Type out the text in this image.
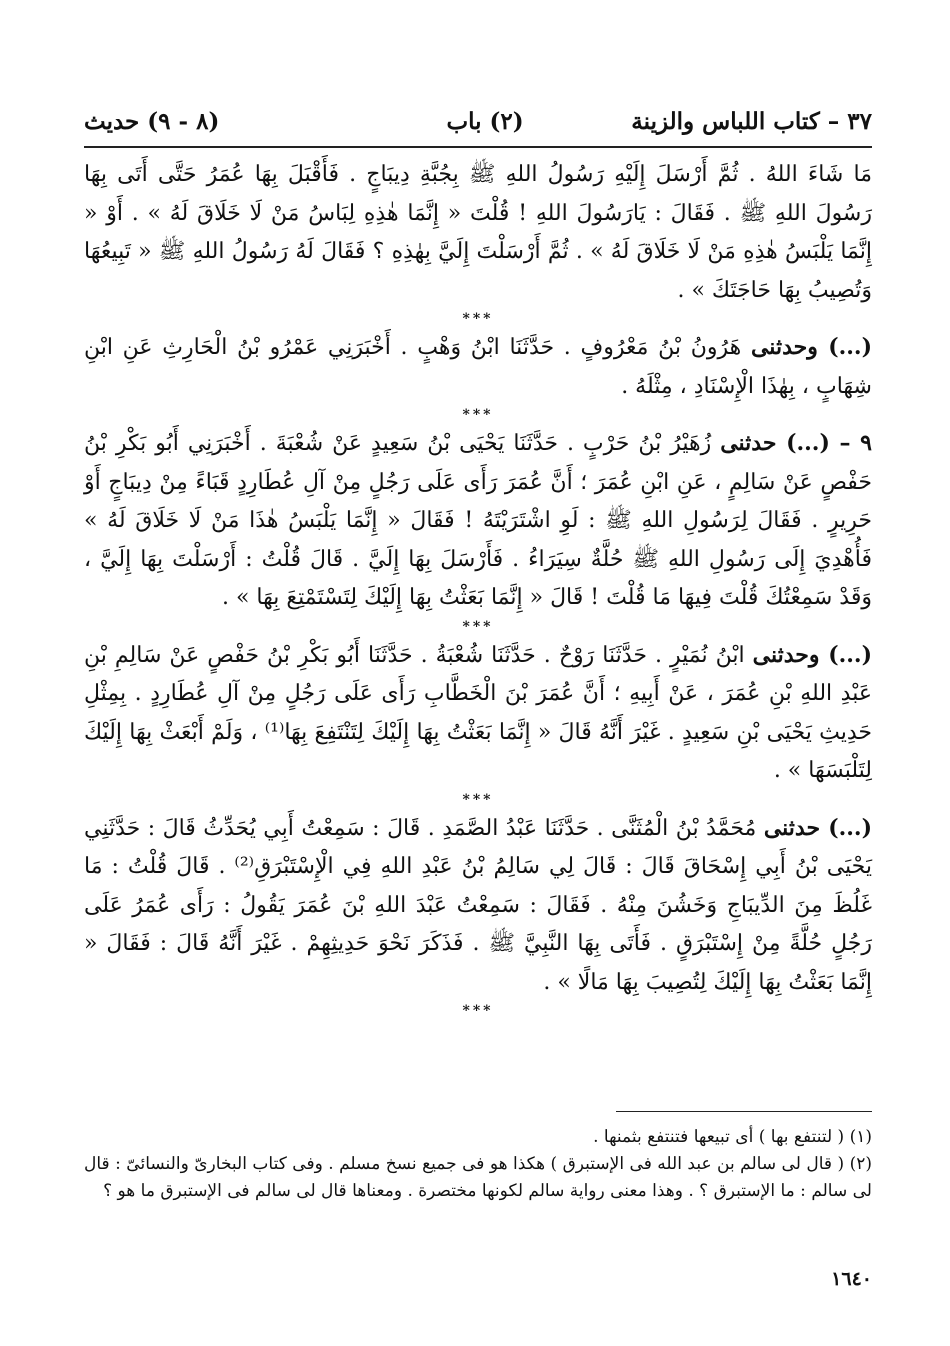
٣٧ – كتاب اللباس والزينة
(٢) باب
(٨ - ٩) حديث

مَا شَاءَ اللهُ . ثُمَّ أَرْسَلَ إِلَيْهِ رَسُولُ اللهِ ﷺ بِجُبَّةِ دِيبَاجٍ . فَأَقْبَلَ بِهَا عُمَرُ حَتَّى أَتَى بِهَا رَسُولَ اللهِ ﷺ . فَقَالَ : يَارَسُولَ اللهِ ! قُلْتَ « إِنَّمَا هٰذِهِ لِبَاسُ مَنْ لَا خَلَاقَ لَهُ » . أَوْ « إِنَّمَا يَلْبَسُ هٰذِهِ مَنْ لَا خَلَاقَ لَهُ » . ثُمَّ أَرْسَلْتَ إِلَيَّ بِهٰذِهِ ؟ فَقَالَ لَهُ رَسُولُ اللهِ ﷺ « تَبِيعُهَا وَتُصِيبُ بِهَا حَاجَتَكَ » .

***

(...) وحدثنى هَرُونُ بْنُ مَعْرُوفٍ . حَدَّثَنَا ابْنُ وَهْبٍ . أَخْبَرَنِي عَمْرُو بْنُ الْحَارِثِ عَنِ ابْنِ شِهَابٍ ، بِهٰذَا الْإِسْنَادِ ، مِثْلَهُ .

***

٩ – (...) حدثنى زُهَيْرُ بْنُ حَرْبٍ . حَدَّثَنَا يَحْيَى بْنُ سَعِيدٍ عَنْ شُعْبَةَ . أَخْبَرَنِي أَبُو بَكْرِ بْنُ حَفْصٍ عَنْ سَالِمٍ ، عَنِ ابْنِ عُمَرَ ؛ أَنَّ عُمَرَ رَأَى عَلَى رَجُلٍ مِنْ آلِ عُطَارِدٍ قَبَاءً مِنْ دِيبَاجٍ أَوْ حَرِيرٍ . فَقَالَ لِرَسُولِ اللهِ ﷺ : لَوِ اشْتَرَيْتَهُ ! فَقَالَ « إِنَّمَا يَلْبَسُ هٰذَا مَنْ لَا خَلَاقَ لَهُ » فَأُهْدِيَ إِلَى رَسُولِ اللهِ ﷺ حُلَّةٌ سِيَرَاءُ . فَأَرْسَلَ بِهَا إِلَيَّ . قَالَ قُلْتُ : أَرْسَلْتَ بِهَا إِلَيَّ ، وَقَدْ سَمِعْتُكَ قُلْتَ فِيهَا مَا قُلْتَ ! قَالَ « إِنَّمَا بَعَثْتُ بِهَا إِلَيْكَ لِتَسْتَمْتِعَ بِهَا » .

***

(...) وحدثنى ابْنُ نُمَيْرٍ . حَدَّثَنَا رَوْحٌ . حَدَّثَنَا شُعْبَةُ . حَدَّثَنَا أَبُو بَكْرِ بْنُ حَفْصٍ عَنْ سَالِمِ بْنِ عَبْدِ اللهِ بْنِ عُمَرَ ، عَنْ أَبِيهِ ؛ أَنَّ عُمَرَ بْنَ الْخَطَّابِ رَأَى عَلَى رَجُلٍ مِنْ آلِ عُطَارِدٍ . بِمِثْلِ حَدِيثِ يَحْيَى بْنِ سَعِيدٍ . غَيْرَ أَنَّهُ قَالَ « إِنَّمَا بَعَثْتُ بِهَا إِلَيْكَ لِتَنْتَفِعَ بِهَا⁽¹⁾ ، وَلَمْ أَبْعَثْ بِهَا إِلَيْكَ لِتَلْبَسَهَا » .

***

(...) حدثنى مُحَمَّدُ بْنُ الْمُثَنَّى . حَدَّثَنَا عَبْدُ الصَّمَدِ . قَالَ : سَمِعْتُ أَبِي يُحَدِّثُ قَالَ : حَدَّثَنِي يَحْيَى بْنُ أَبِي إِسْحَاقَ قَالَ : قَالَ لِي سَالِمُ بْنُ عَبْدِ اللهِ فِي الْإِسْتَبْرَقِ⁽²⁾ . قَالَ قُلْتُ : مَا غَلُظَ مِنَ الدِّيبَاجِ وَخَشُنَ مِنْهُ . فَقَالَ : سَمِعْتُ عَبْدَ اللهِ بْنَ عُمَرَ يَقُولُ : رَأَى عُمَرُ عَلَى رَجُلٍ حُلَّةً مِنْ إِسْتَبْرَقٍ . فَأَتَى بِهَا النَّبِيَّ ﷺ . فَذَكَرَ نَحْوَ حَدِيثِهِمْ . غَيْرَ أَنَّهُ قَالَ : فَقَالَ « إِنَّمَا بَعَثْتُ بِهَا إِلَيْكَ لِتُصِيبَ بِهَا مَالًا » .

***

(١) ( لتنتفع بها ) أى تبيعها فتنتفع بثمنها .

(٢) ( قال لى سالم بن عبد الله فى الإستبرق ) هكذا هو فى جميع نسخ مسلم . وفى كتاب البخارىّ والنسائىّ : قال لى سالم : ما الإستبرق ؟ . وهذا معنى رواية سالم لكونها مختصرة . ومعناها قال لى سالم فى الإستبرق ما هو ؟

١٦٤٠
